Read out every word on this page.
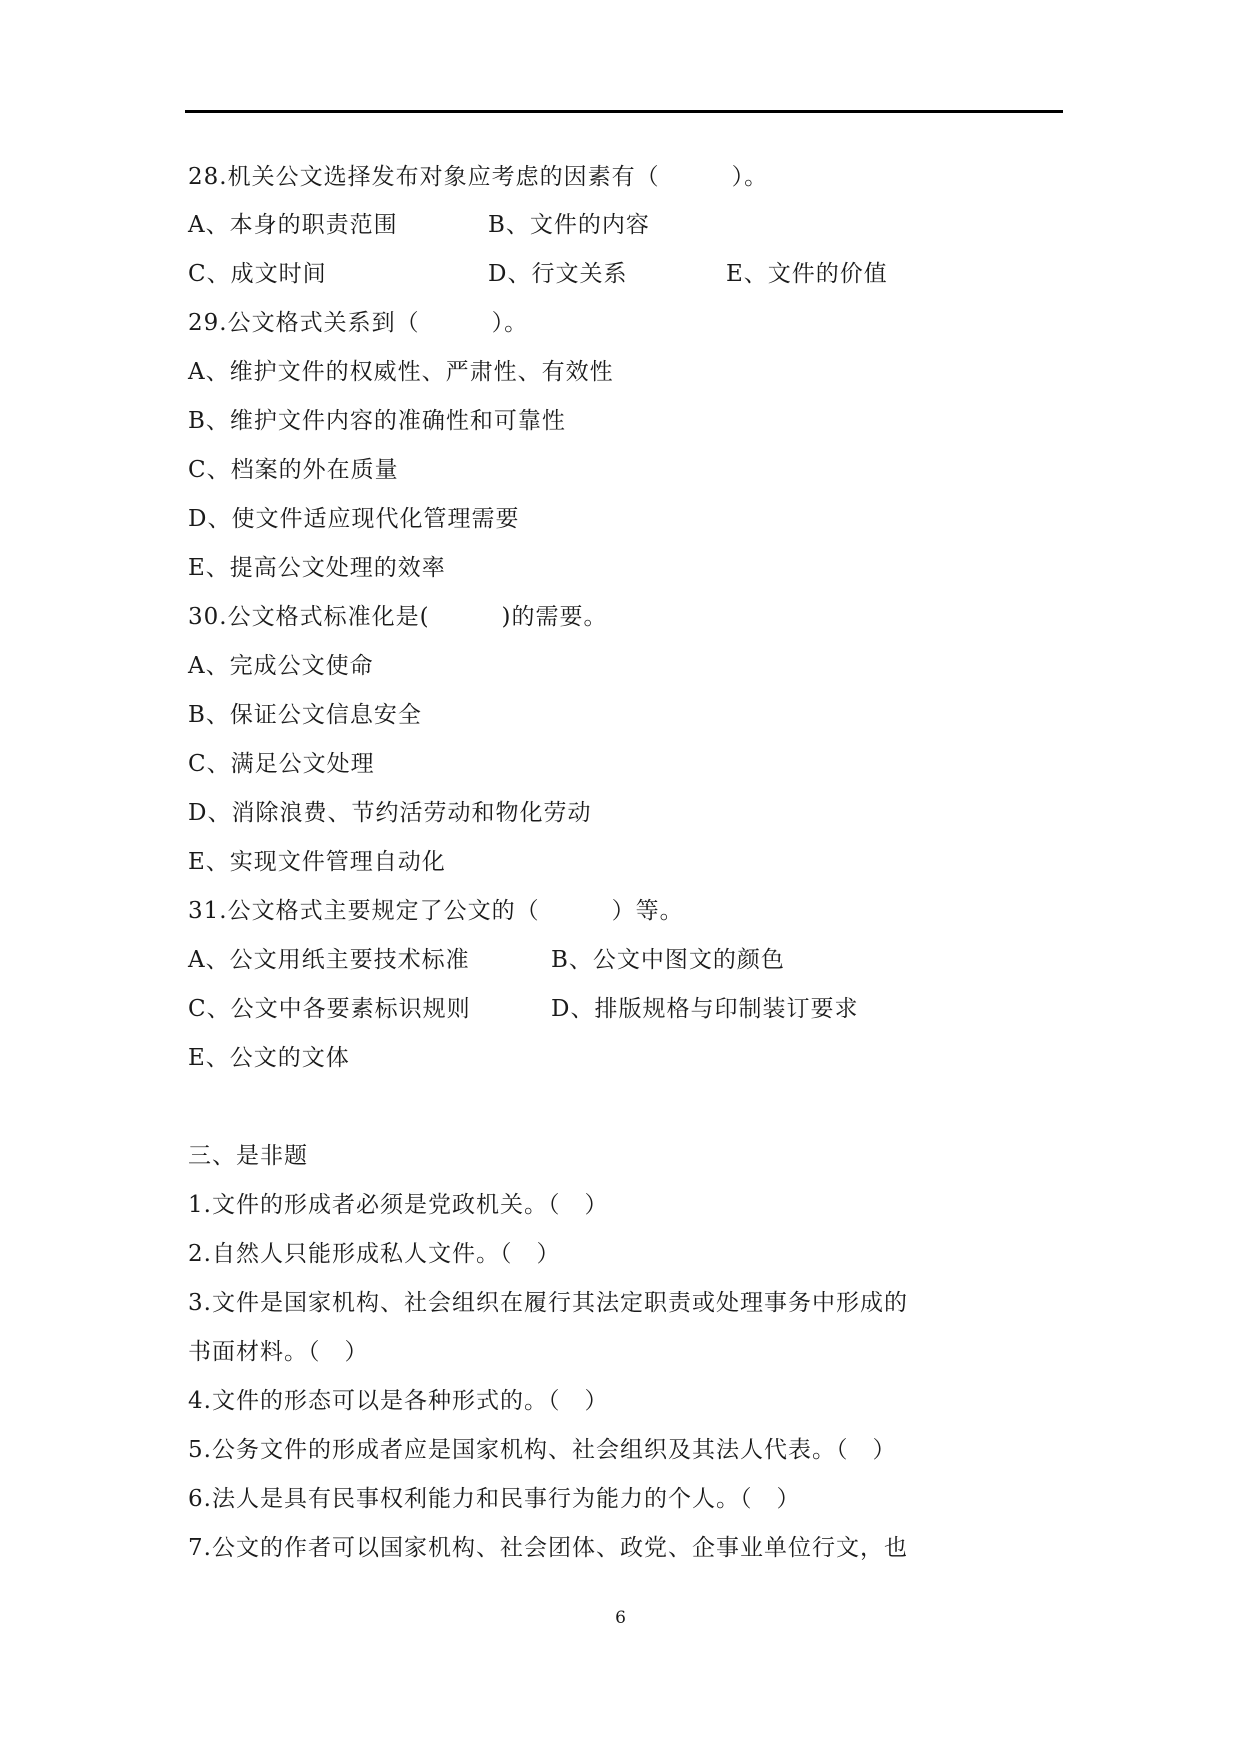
28.机关公文选择发布对象应考虑的因素有（　　　）。
A、本身的职责范围	B、文件的内容
C、成文时间	D、行文关系	E、文件的价值
29.公文格式关系到（　　　）。
A、维护文件的权威性、严肃性、有效性
B、维护文件内容的准确性和可靠性
C、档案的外在质量
D、使文件适应现代化管理需要
E、提高公文处理的效率
30.公文格式标准化是(　　　)的需要。
A、完成公文使命
B、保证公文信息安全
C、满足公文处理
D、消除浪费、节约活劳动和物化劳动
E、实现文件管理自动化
31.公文格式主要规定了公文的（　　　）等。
A、公文用纸主要技术标准	B、公文中图文的颜色
C、公文中各要素标识规则	D、排版规格与印制装订要求
E、公文的文体
三、是非题
1.文件的形成者必须是党政机关。（　）
2.自然人只能形成私人文件。（　）
3.文件是国家机构、社会组织在履行其法定职责或处理事务中形成的
书面材料。（　）
4.文件的形态可以是各种形式的。（　）
5.公务文件的形成者应是国家机构、社会组织及其法人代表。（　）
6.法人是具有民事权利能力和民事行为能力的个人。（　）
7.公文的作者可以国家机构、社会团体、政党、企事业单位行文，也
6
